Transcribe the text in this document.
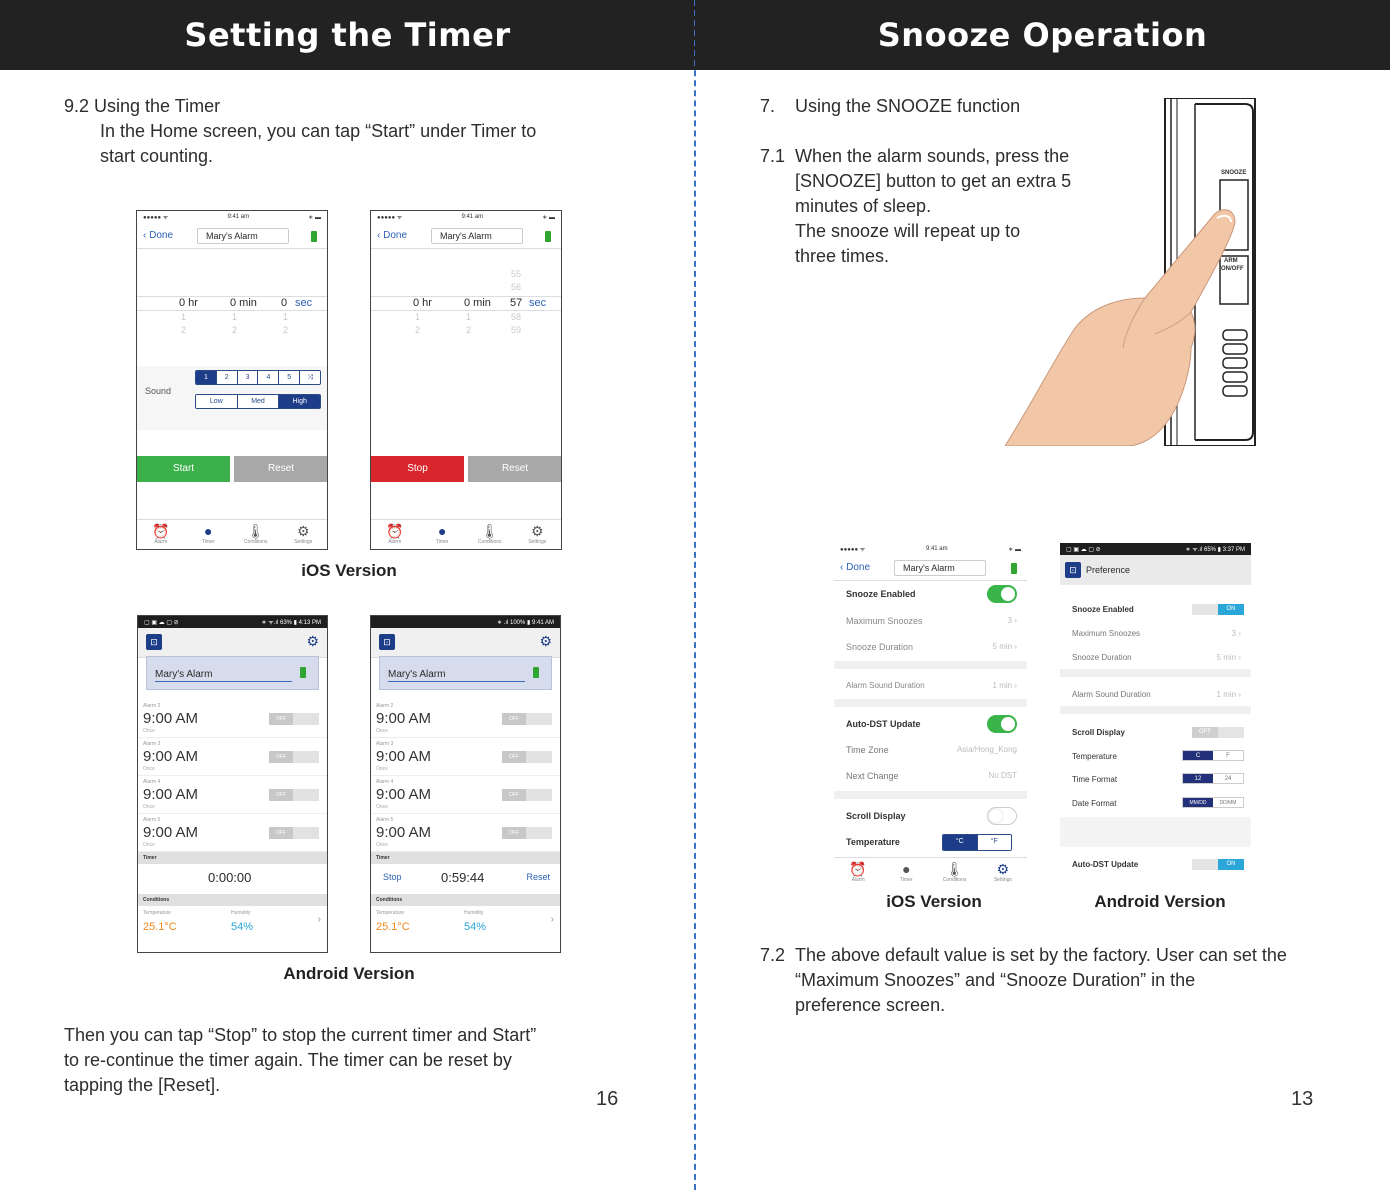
Setting the Timer
9.2 Using the Timer
In the Home screen, you can tap “Start” under Timer to
start counting.
●●●●● ᯤ	9:41 am	∗ ▬
‹ Done	Mary's Alarm
0 hr	0 min 0 sec
1	1	1
2	2	2
Sound
1	2	3	4	5	⤨
Low	Med	High
Start	Reset
⏰
Alarm
●
Timer
🌡
Conditions
⚙
Settings
●●●●● ᯤ	9:41 am	∗ ▬
‹ Done	Mary's Alarm
55
56
0 hr	0 min 57 sec
1	1	58
2	2	59
Stop	Reset
⏰
Alarm
●
Timer
🌡
Conditions
⚙
Settings
iOS Version
▢ ▣ ☁ ▢ ⊘	∗ ᯤ.ıl 63% ▮ 4:13 PM
⊡	⚙
Mary's Alarm
Alarm 2
9:00 AM
Once
OFF
Alarm 3
9:00 AM
Once
OFF
Alarm 4
9:00 AM
Once
OFF
Alarm 5
9:00 AM
Once
OFF
Timer
0:00:00
Conditions
Temperature
25.1°C
Humidity
54%
›
∗ .ıl 100% ▮ 9:41 AM
⊡	⚙
Mary's Alarm
Alarm 2
9:00 AM
Once
OFF
Alarm 3
9:00 AM
Once
OFF
Alarm 4
9:00 AM
Once
OFF
Alarm 5
9:00 AM
Once
OFF
Timer
Stop	0:59:44	Reset
Conditions
Temperature
25.1°C
Humidity
54%
›
Android Version
Then you can tap “Stop” to stop the current timer and Start”
to re-continue the timer again. The timer can be reset by
tapping the [Reset].
16
Snooze Operation
7. Using the SNOOZE function
7.1 When the alarm sounds, press the
[SNOOZE] button to get an extra 5
minutes of sleep.
The snooze will repeat up to
three times.
SNOOZE
ARM
ON/OFF
●●●●● ᯤ	9:41 am	∗ ▬
‹ Done	Mary's Alarm
Snooze Enabled
Maximum Snoozes	3 ›
Snooze Duration	5 min ›
Alarm Sound Duration	1 min ›
Auto-DST Update
Time Zone	Asia/Hong_Kong
Next Change	No DST
Scroll Display
Temperature	°C	°F
⏰
Alarm
●
Timer
🌡
Conditions
⚙
Settings
▢ ▣ ☁ ▢ ⊘	∗ ᯤ.ıl 65% ▮ 3:37 PM
⊡	Preference
Snooze Enabled	ON
Maximum Snoozes	3 ›
Snooze Duration	5 min ›
Alarm Sound Duration	1 min ›
Scroll Display	OFF
Temperature	C	F
Time Format	12	24
Date Format	MM/DD	DD/MM
Auto-DST Update	ON
iOS Version	Android Version
7.2 The above default value is set by the factory. User can set the
“Maximum Snoozes” and “Snooze Duration” in the
preference screen.
13
